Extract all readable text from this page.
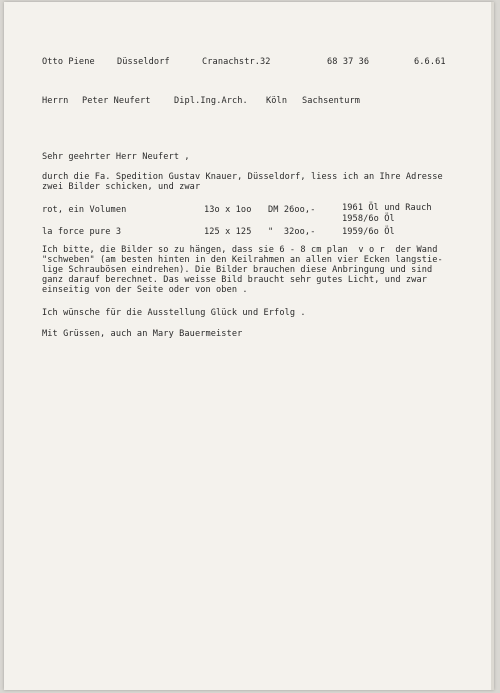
Otto Piene	Düsseldorf	Cranachstr.32	68 37 36	6.6.61
Herrn Peter Neufert	Dipl.Ing.Arch. Köln Sachsenturm
Sehr geehrter Herr Neufert ,
durch die Fa. Spedition Gustav Knauer, Düsseldorf, liess ich an Ihre Adresse
zwei Bilder schicken, und zwar
rot, ein Volumen	13o x 1oo DM 26oo,-	1961 Öl und Rauch
1958/6o Öl
la force pure 3	125 x 125 "  32oo,-	1959/6o Öl
Ich bitte, die Bilder so zu hängen, dass sie 6 - 8 cm plan  v o r  der Wand
"schweben" (am besten hinten in den Keilrahmen an allen vier Ecken langstie-
lige Schraubösen eindrehen). Die Bilder brauchen diese Anbringung und sind
ganz darauf berechnet. Das weisse Bild braucht sehr gutes Licht, und zwar
einseitig von der Seite oder von oben .
Ich wünsche für die Ausstellung Glück und Erfolg .
Mit Grüssen, auch an Mary Bauermeister
